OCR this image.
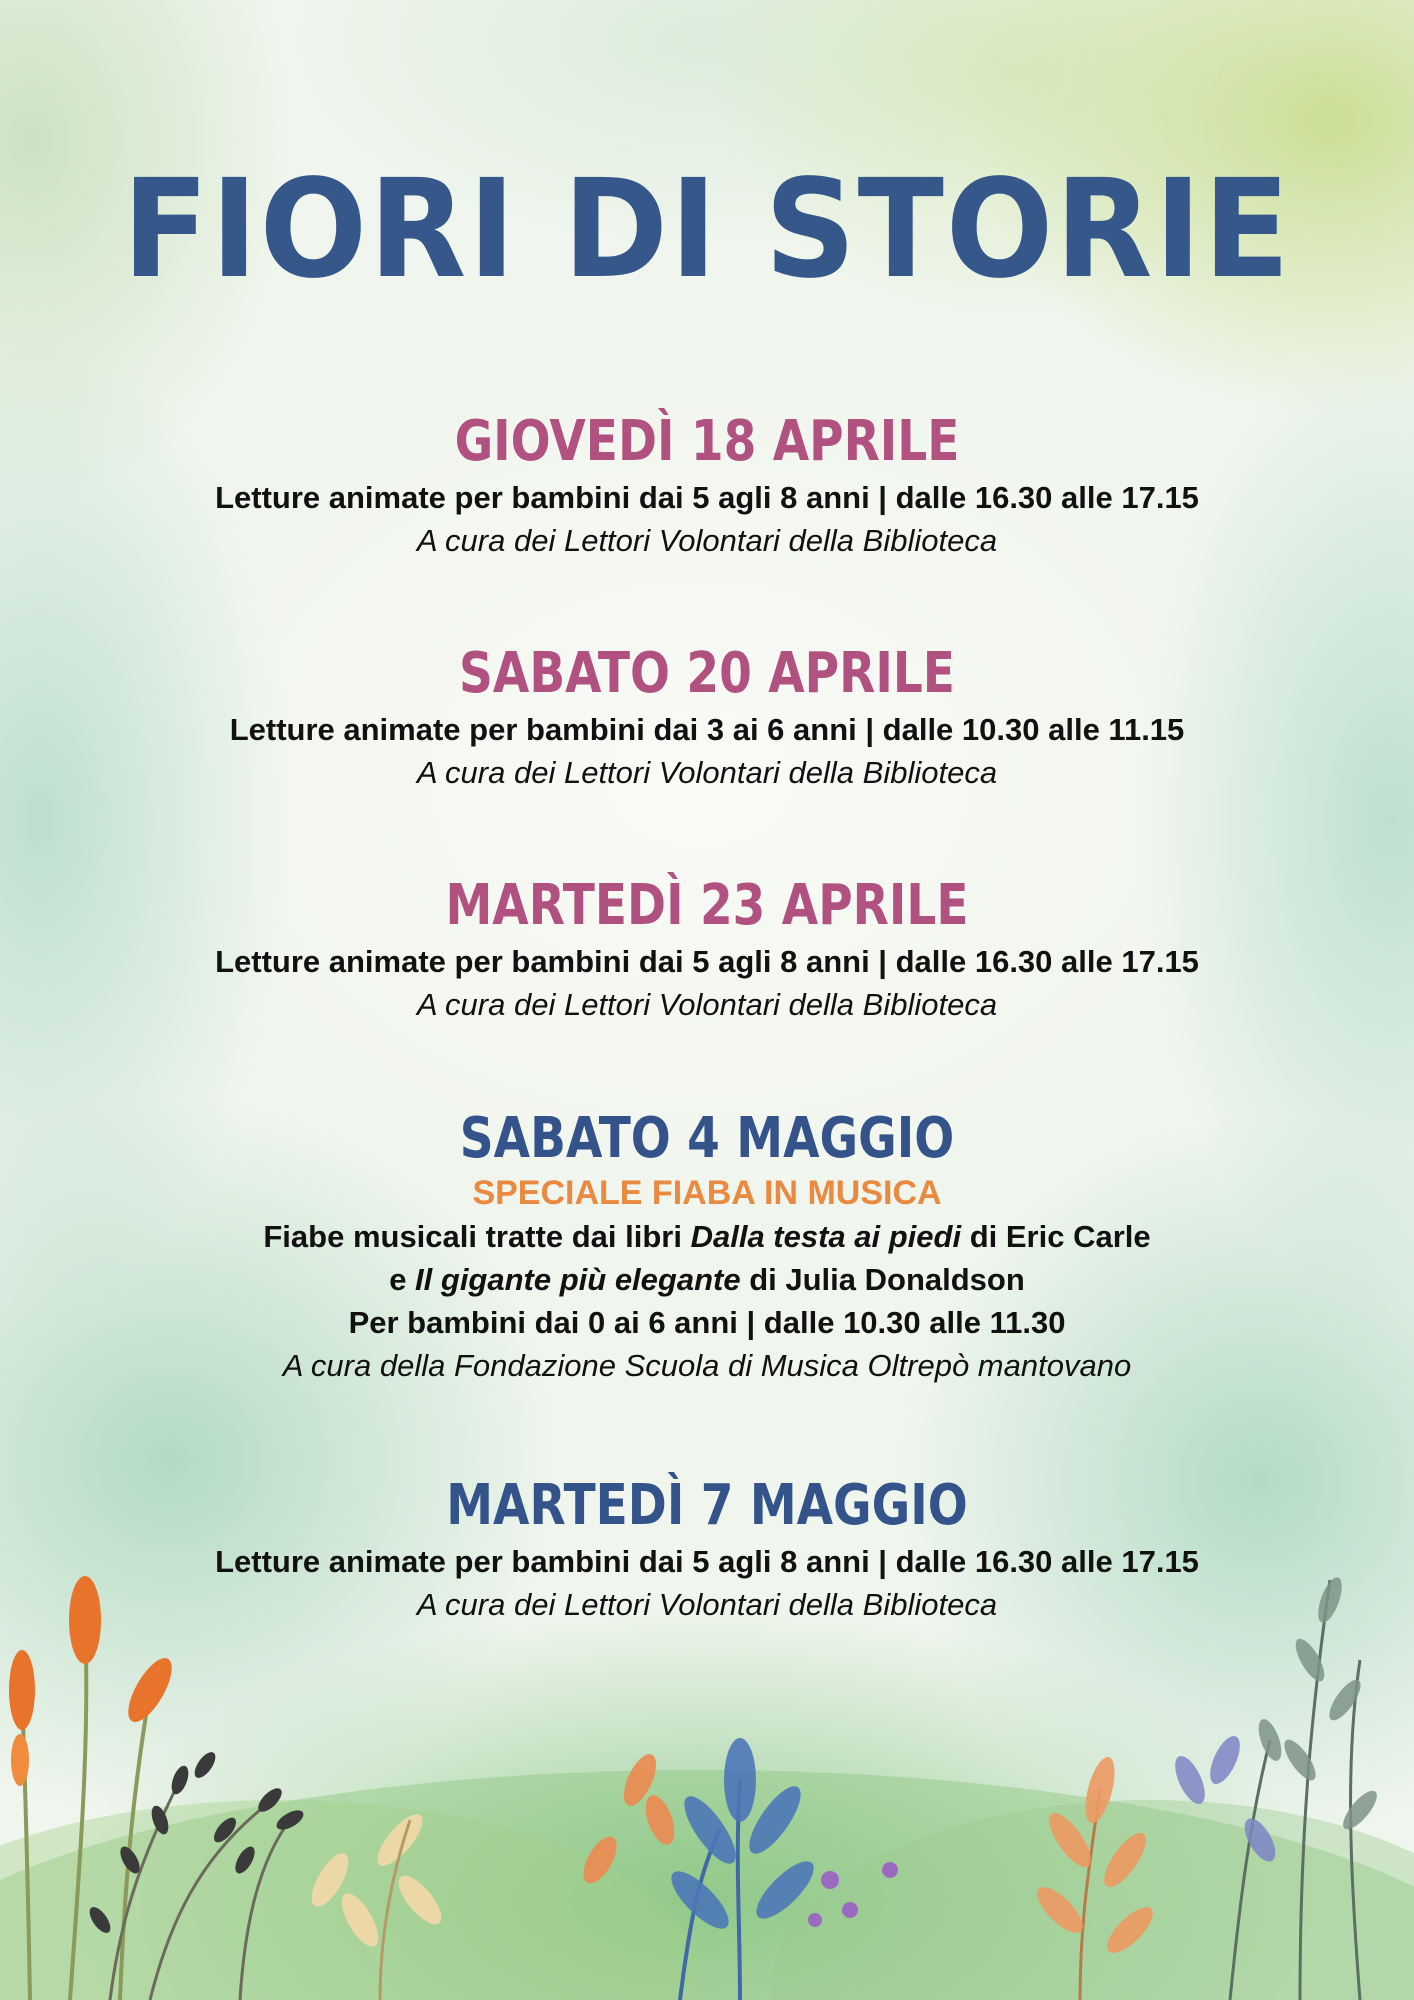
FIORI DI STORIE

GIOVEDÌ 18 APRILE

Letture animate per bambini dai 5 agli 8 anni | dalle 16.30 alle 17.15

A cura dei Lettori Volontari della Biblioteca

SABATO 20 APRILE

Letture animate per bambini dai 3 ai 6 anni | dalle 10.30 alle 11.15

A cura dei Lettori Volontari della Biblioteca

MARTEDÌ 23 APRILE

Letture animate per bambini dai 5 agli 8 anni | dalle 16.30 alle 17.15

A cura dei Lettori Volontari della Biblioteca

SABATO 4 MAGGIO

SPECIALE FIABA IN MUSICA

Fiabe musicali tratte dai libri Dalla testa ai piedi di Eric Carle

e Il gigante più elegante di Julia Donaldson

Per bambini dai 0 ai 6 anni | dalle 10.30 alle 11.30

A cura della Fondazione Scuola di Musica Oltrepò mantovano

MARTEDÌ 7 MAGGIO

Letture animate per bambini dai 5 agli 8 anni | dalle 16.30 alle 17.15

A cura dei Lettori Volontari della Biblioteca
